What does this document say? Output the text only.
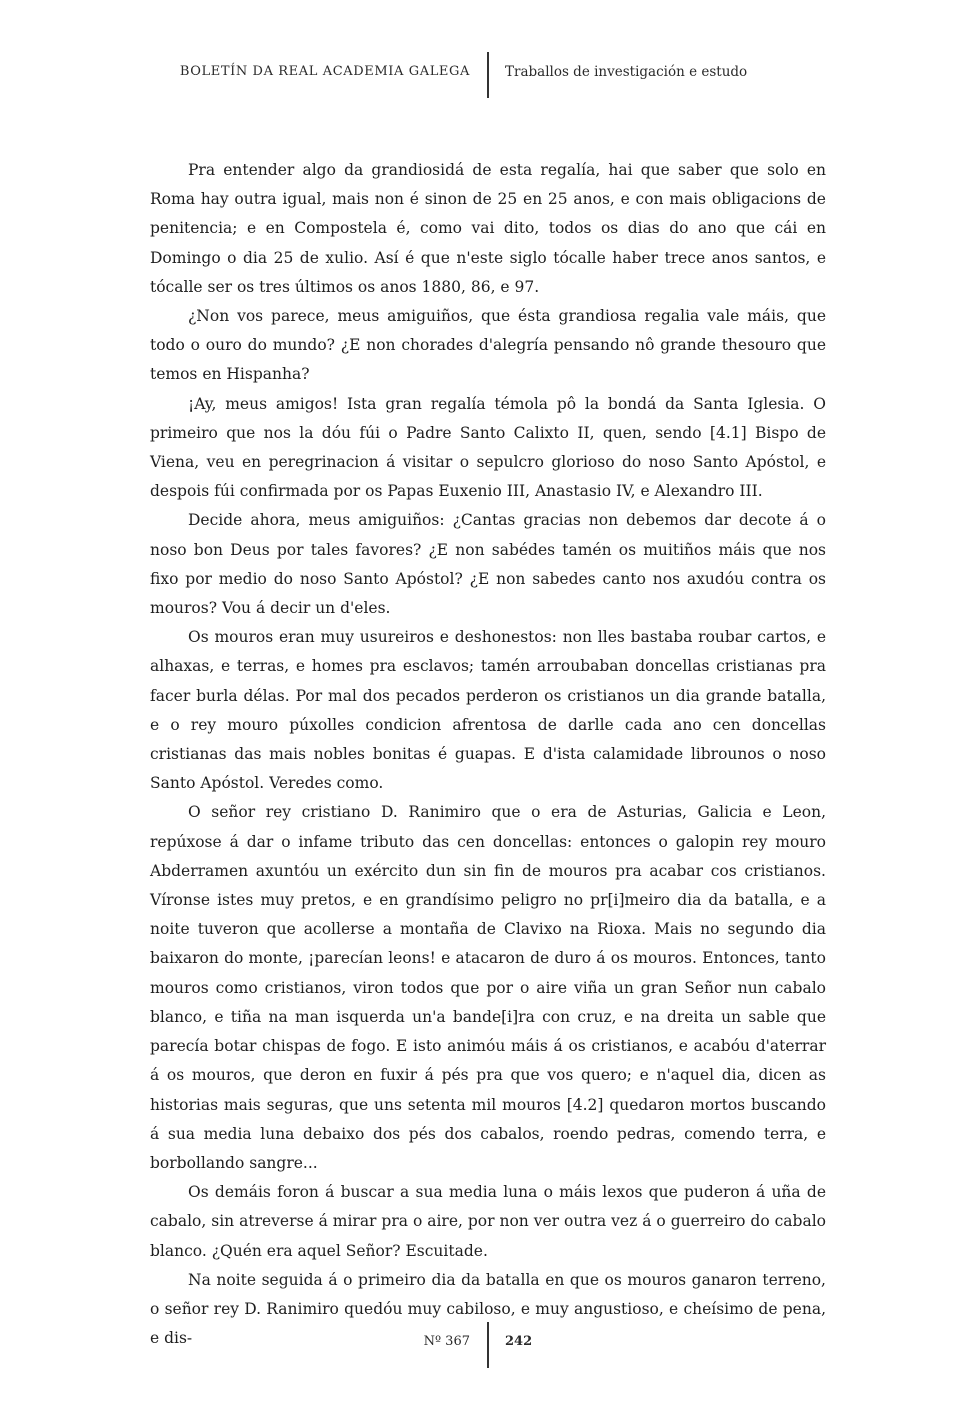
BOLETÍN DA REAL ACADEMIA GALEGA	Traballos de investigación e estudo

Pra entender algo da grandiosidá de esta regalía, hai que saber que solo en Roma hay outra igual, mais non é sinon de 25 en 25 anos, e con mais obligacions de penitencia; e en Compostela é, como vai dito, todos os dias do ano que cái en Domingo o dia 25 de xulio. Así é que n'este siglo tócalle haber trece anos santos, e tócalle ser os tres últimos os anos 1880, 86, e 97.

¿Non vos parece, meus amiguiños, que ésta grandiosa regalia vale máis, que todo o ouro do mundo? ¿E non chorades d'alegría pensando nô grande thesouro que temos en Hispanha?

¡Ay, meus amigos! Ista gran regalía témola pô la bondá da Santa Iglesia. O primeiro que nos la dóu fúi o Padre Santo Calixto II, quen, sendo [4.1] Bispo de Viena, veu en peregrinacion á visitar o sepulcro glorioso do noso Santo Apóstol, e despois fúi confirmada por os Papas Euxenio III, Anastasio IV, e Alexandro III.

Decide ahora, meus amiguiños: ¿Cantas gracias non debemos dar decote á o noso bon Deus por tales favores? ¿E non sabédes tamén os muitiños máis que nos fixo por medio do noso Santo Apóstol? ¿E non sabedes canto nos axudóu contra os mouros? Vou á decir un d'eles.

Os mouros eran muy usureiros e deshonestos: non lles bastaba roubar cartos, e alhaxas, e terras, e homes pra esclavos; tamén arroubaban doncellas cristianas pra facer burla délas. Por mal dos pecados perderon os cristianos un dia grande batalla, e o rey mouro púxolles condicion afrentosa de darlle cada ano cen doncellas cristianas das mais nobles bonitas é guapas. E d'ista calamidade librounos o noso Santo Apóstol. Veredes como.

O señor rey cristiano D. Ranimiro que o era de Asturias, Galicia e Leon, repúxose á dar o infame tributo das cen doncellas: entonces o galopin rey mouro Abderramen axuntóu un exército dun sin fin de mouros pra acabar cos cristianos. Víronse istes muy pretos, e en grandísimo peligro no pr[i]meiro dia da batalla, e a noite tuveron que acollerse a montaña de Clavixo na Rioxa. Mais no segundo dia baixaron do monte, ¡parecían leons! e atacaron de duro á os mouros. Entonces, tanto mouros como cristianos, viron todos que por o aire viña un gran Señor nun cabalo blanco, e tiña na man isquerda un'a bande[i]ra con cruz, e na dreita un sable que parecía botar chispas de fogo. E isto animóu máis á os cristianos, e acabóu d'aterrar á os mouros, que deron en fuxir á pés pra que vos quero; e n'aquel dia, dicen as historias mais seguras, que uns setenta mil mouros [4.2] quedaron mortos buscando á sua media luna debaixo dos pés dos cabalos, roendo pedras, comendo terra, e borbollando sangre...

Os demáis foron á buscar a sua media luna o máis lexos que puderon á uña de cabalo, sin atreverse á mirar pra o aire, por non ver outra vez á o guerreiro do cabalo blanco. ¿Quén era aquel Señor? Escuitade.

Na noite seguida á o primeiro dia da batalla en que os mouros ganaron terreno, o señor rey D. Ranimiro quedóu muy cabiloso, e muy angustioso, e cheísimo de pena, e dis-	Nº 367	242
